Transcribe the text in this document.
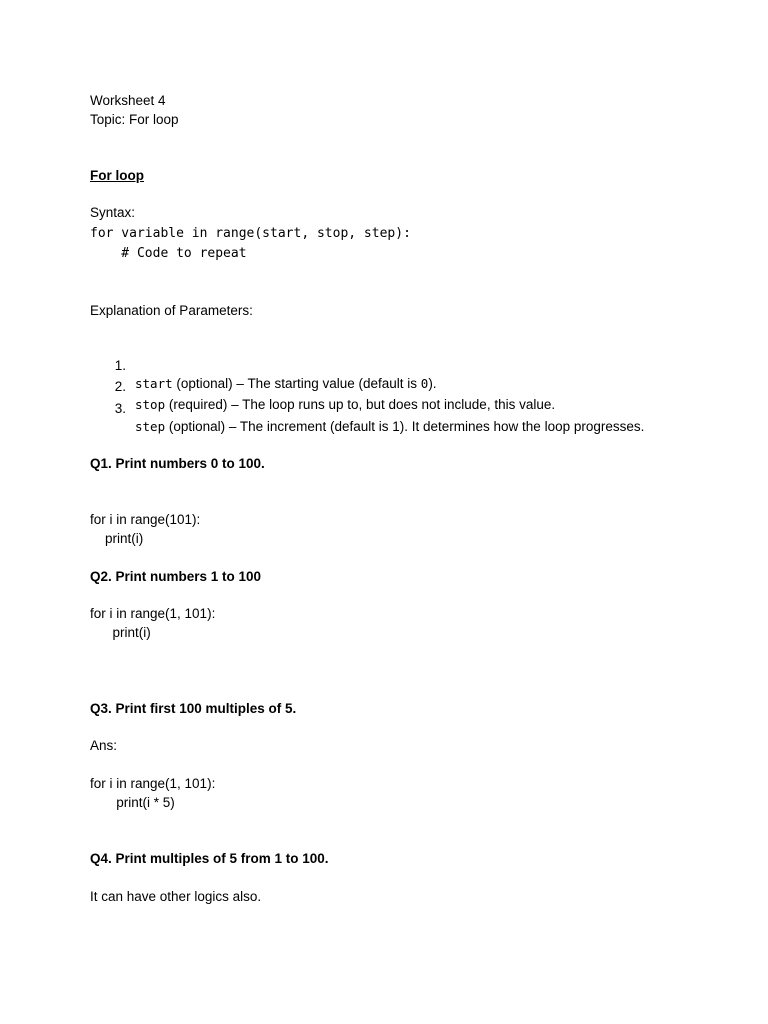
Worksheet 4
Topic: For loop
For loop
Syntax:
for variable in range(start, stop, step):
# Code to repeat
Explanation of Parameters:

1.

start (optional) – The starting value (default is 0).

2.

stop (required) – The loop runs up to, but does not include, this value.

3.

step (optional) – The increment (default is 1). It determines how the loop progresses.

Q1. Print numbers 0 to 100.
for i in range(101):
print(i)
Q2. Print numbers 1 to 100
for i in range(1, 101):
print(i)
Q3. Print first 100 multiples of 5.
Ans:
for i in range(1, 101):
print(i * 5)
Q4. Print multiples of 5 from 1 to 100.
It can have other logics also.
